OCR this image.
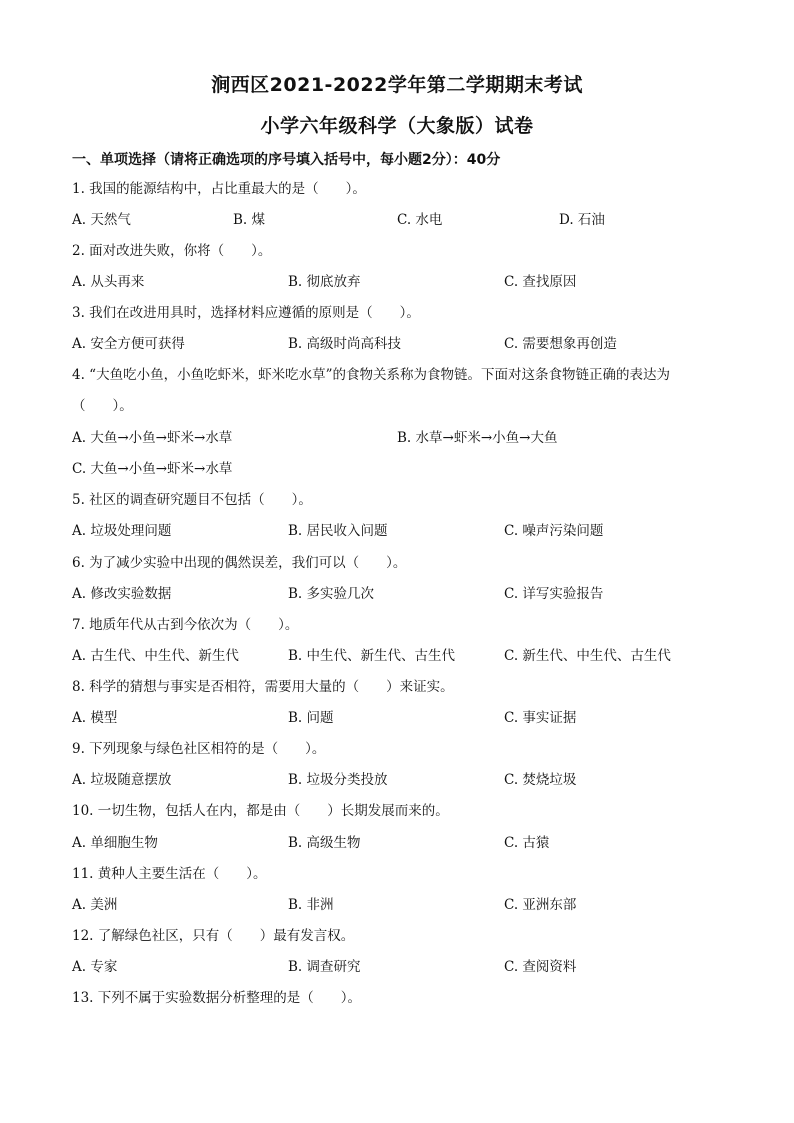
涧西区2021-2022学年第二学期期末考试
小学六年级科学（大象版）试卷
一、单项选择（请将正确选项的序号填入括号中，每小题2分）：40分
1. 我国的能源结构中，占比重最大的是（　　）。
A. 天然气	B. 煤	C. 水电	D. 石油
2. 面对改进失败，你将（　　）。
A. 从头再来	B. 彻底放弃	C. 查找原因
3. 我们在改进用具时，选择材料应遵循的原则是（　　）。
A. 安全方便可获得	B. 高级时尚高科技	C. 需要想象再创造
4. “大鱼吃小鱼，小鱼吃虾米，虾米吃水草”的食物关系称为食物链。下面对这条食物链正确的表达为
（　　）。
A. 大鱼→小鱼→虾米→水草	B. 水草→虾米→小鱼→大鱼
C. 大鱼→小鱼→虾米→水草
5. 社区的调查研究题目不包括（　　）。
A. 垃圾处理问题	B. 居民收入问题	C. 噪声污染问题
6. 为了减少实验中出现的偶然误差，我们可以（　　）。
A. 修改实验数据	B. 多实验几次	C. 详写实验报告
7. 地质年代从古到今依次为（　　）。
A. 古生代、中生代、新生代	B. 中生代、新生代、古生代	C. 新生代、中生代、古生代
8. 科学的猜想与事实是否相符，需要用大量的（　　）来证实。
A. 模型	B. 问题	C. 事实证据
9. 下列现象与绿色社区相符的是（　　）。
A. 垃圾随意摆放	B. 垃圾分类投放	C. 焚烧垃圾
10. 一切生物，包括人在内，都是由（　　）长期发展而来的。
A. 单细胞生物	B. 高级生物	C. 古猿
11. 黄种人主要生活在（　　）。
A. 美洲	B. 非洲	C. 亚洲东部
12. 了解绿色社区，只有（　　）最有发言权。
A. 专家	B. 调查研究	C. 查阅资料
13. 下列不属于实验数据分析整理的是（　　）。
